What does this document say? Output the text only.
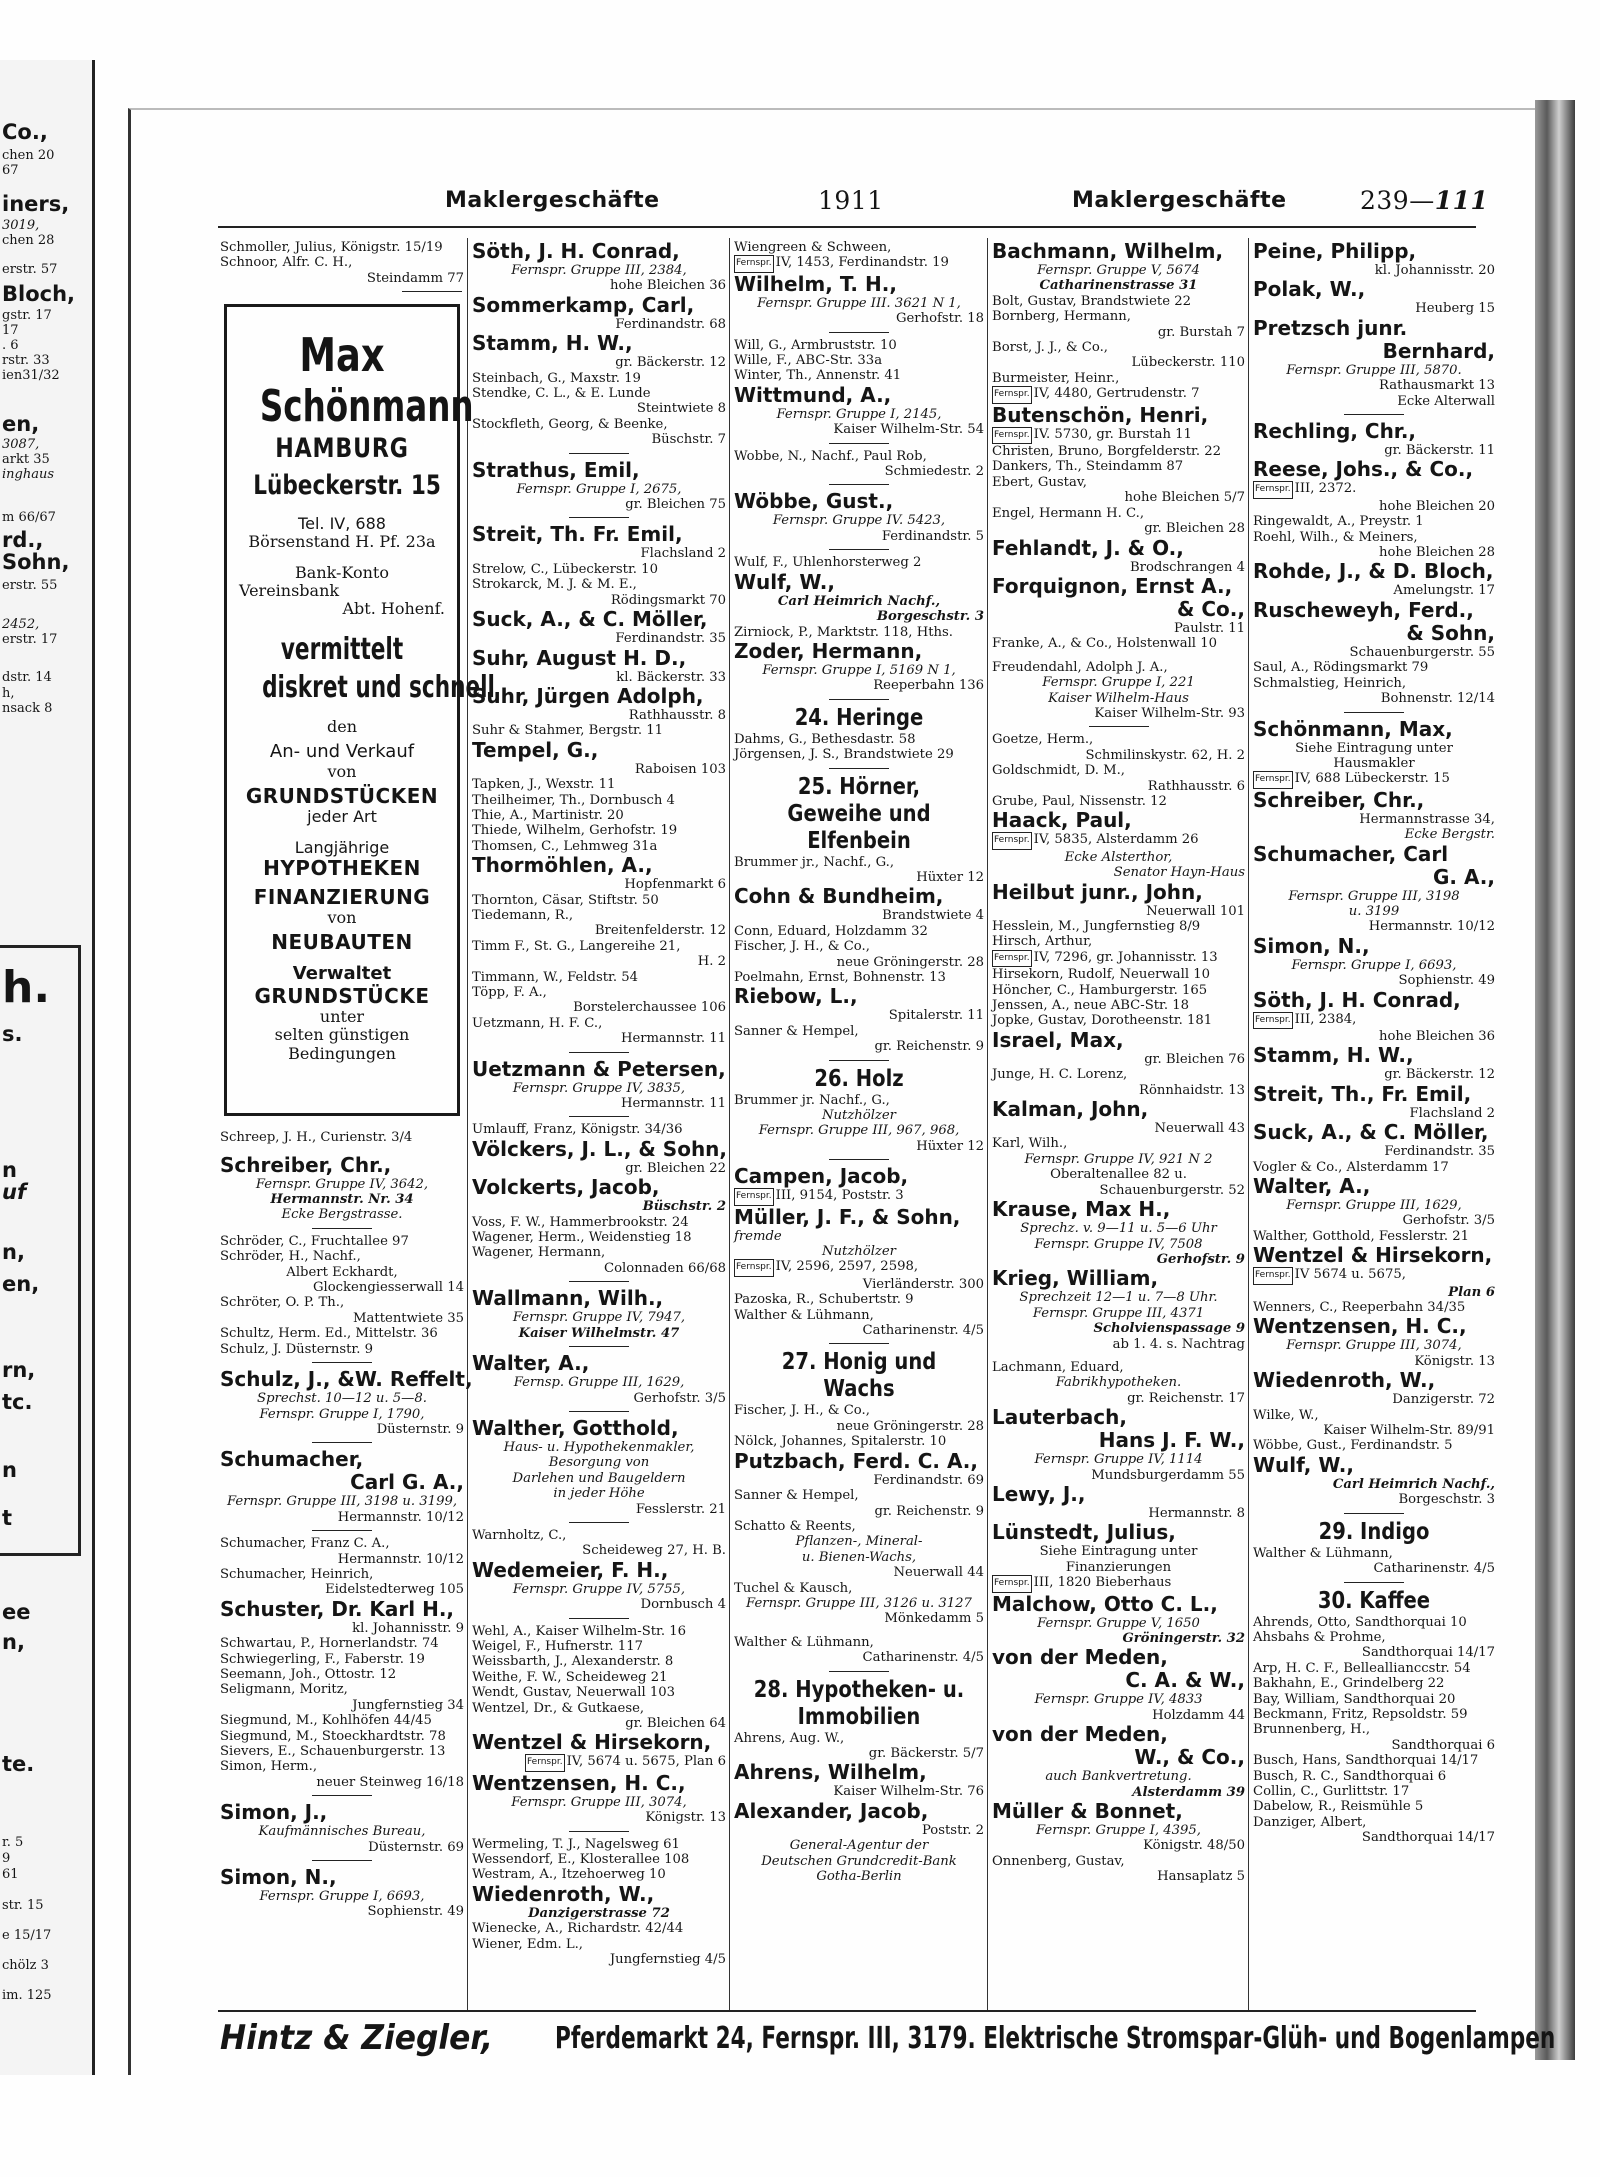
Co.,
chen 20
67
iners,
3019,
chen 28
erstr. 57
Bloch,
gstr. 17
17
. 6
rstr. 33
ien31/32
en,
3087,
arkt 35
inghaus
m 66/67
rd.,
Sohn,
erstr. 55
2452,
erstr. 17
dstr. 14
h,
nsack 8
h.
s.
n
uf
n,
en,
rn,
tc.
n
t
ee
n,
te.
r. 5
9
61
str. 15
e 15/17
chölz 3
im. 125
Maklergeschäfte	1911	Maklergeschäfte	239—111
Schmoller, Julius, Königstr. 15/19
Schnoor, Alfr. C. H.,
Steindamm 77
Max
Schönmann
HAMBURG
Lübeckerstr. 15
Tel. IV, 688
Börsenstand H. Pf. 23a
Bank-Konto
Vereinsbank
Abt. Hohenf.
vermittelt
diskret und schnell
den
An- und Verkauf
von
GRUNDSTÜCKEN
jeder Art
Langjährige
HYPOTHEKEN
FINANZIERUNG
von
NEUBAUTEN
Verwaltet
GRUNDSTÜCKE
unter
selten günstigen
Bedingungen
Schreep, J. H., Curienstr. 3/4
Schreiber, Chr.,
Fernspr. Gruppe IV, 3642,
Hermannstr. Nr. 34
Ecke Bergstrasse.
Schröder, C., Fruchtallee 97
Schröder, H., Nachf.,
Albert Eckhardt,
Glockengiesserwall 14
Schröter, O. P. Th.,
Mattentwiete 35
Schultz, Herm. Ed., Mittelstr. 36
Schulz, J. Düsternstr. 9
Schulz, J., &W. Reffelt,
Sprechst. 10—12 u. 5—8.
Fernspr. Gruppe I, 1790,
Düsternstr. 9
Schumacher,
Carl G. A.,
Fernspr. Gruppe III, 3198 u. 3199,
Hermannstr. 10/12
Schumacher, Franz C. A.,
Hermannstr. 10/12
Schumacher, Heinrich,
Eidelstedterweg 105
Schuster, Dr. Karl H.,
kl. Johannisstr. 9
Schwartau, P., Hornerlandstr. 74
Schwiegerling, F., Faberstr. 19
Seemann, Joh., Ottostr. 12
Seligmann, Moritz,
Jungfernstieg 34
Siegmund, M., Kohlhöfen 44/45
Siegmund, M., Stoeckhardtstr. 78
Sievers, E., Schauenburgerstr. 13
Simon, Herm.,
neuer Steinweg 16/18
Simon, J.,
Kaufmännisches Bureau,
Düsternstr. 69
Simon, N.,
Fernspr. Gruppe I, 6693,
Sophienstr. 49
Söth, J. H. Conrad,
Fernspr. Gruppe III, 2384,
hohe Bleichen 36
Sommerkamp, Carl,
Ferdinandstr. 68
Stamm, H. W.,
gr. Bäckerstr. 12
Steinbach, G., Maxstr. 19
Stendke, C. L., & E. Lunde
Steintwiete 8
Stockfleth, Georg, & Beenke,
Büschstr. 7
Strathus, Emil,
Fernspr. Gruppe I, 2675,
gr. Bleichen 75
Streit, Th. Fr. Emil,
Flachsland 2
Strelow, C., Lübeckerstr. 10
Strokarck, M. J. & M. E.,
Rödingsmarkt 70
Suck, A., & C. Möller,
Ferdinandstr. 35
Suhr, August H. D.,
kl. Bäckerstr. 33
Suhr, Jürgen Adolph,
Rathhausstr. 8
Suhr & Stahmer, Bergstr. 11
Tempel, G.,
Raboisen 103
Tapken, J., Wexstr. 11
Theilheimer, Th., Dornbusch 4
Thie, A., Martinistr. 20
Thiede, Wilhelm, Gerhofstr. 19
Thomsen, C., Lehmweg 31a
Thormöhlen, A.,
Hopfenmarkt 6
Thornton, Cäsar, Stiftstr. 50
Tiedemann, R.,
Breitenfelderstr. 12
Timm F., St. G., Langereihe 21,
H. 2
Timmann, W., Feldstr. 54
Töpp, F. A.,
Borstelerchaussee 106
Uetzmann, H. F. C.,
Hermannstr. 11
Uetzmann & Petersen,
Fernspr. Gruppe IV, 3835,
Hermannstr. 11
Umlauff, Franz, Königstr. 34/36
Völckers, J. L., & Sohn,
gr. Bleichen 22
Volckerts, Jacob,
Büschstr. 2
Voss, F. W., Hammerbrookstr. 24
Wagener, Herm., Weidenstieg 18
Wagener, Hermann,
Colonnaden 66/68
Wallmann, Wilh.,
Fernspr. Gruppe IV, 7947,
Kaiser Wilhelmstr. 47
Walter, A.,
Fernsp. Gruppe III, 1629,
Gerhofstr. 3/5
Walther, Gotthold,
Haus- u. Hypothekenmakler,
Besorgung von
Darlehen und Baugeldern
in jeder Höhe
Fesslerstr. 21
Warnholtz, C.,
Scheideweg 27, H. B.
Wedemeier, F. H.,
Fernspr. Gruppe IV, 5755,
Dornbusch 4
Wehl, A., Kaiser Wilhelm-Str. 16
Weigel, F., Hufnerstr. 117
Weissbarth, J., Alexanderstr. 8
Weithe, F. W., Scheideweg 21
Wendt, Gustav, Neuerwall 103
Wentzel, Dr., & Gutkaese,
gr. Bleichen 64
Wentzel & Hirsekorn,
Fernspr. IV, 5674 u. 5675, Plan 6
Wentzensen, H. C.,
Fernspr. Gruppe III, 3074,
Königstr. 13
Wermeling, T. J., Nagelsweg 61
Wessendorf, E., Klosterallee 108
Westram, A., Itzehoerweg 10
Wiedenroth, W.,
Danzigerstrasse 72
Wienecke, A., Richardstr. 42/44
Wiener, Edm. L.,
Jungfernstieg 4/5
Wiengreen & Schween,
Fernspr. IV, 1453, Ferdinandstr. 19
Wilhelm, T. H.,
Fernspr. Gruppe III. 3621 N 1,
Gerhofstr. 18
Will, G., Armbruststr. 10
Wille, F., ABC-Str. 33a
Winter, Th., Annenstr. 41
Wittmund, A.,
Fernspr. Gruppe I, 2145,
Kaiser Wilhelm-Str. 54
Wobbe, N., Nachf., Paul Rob,
Schmiedestr. 2
Wöbbe, Gust.,
Fernspr. Gruppe IV. 5423,
Ferdinandstr. 5
Wulf, F., Uhlenhorsterweg 2
Wulf, W.,
Carl Heimrich Nachf.,
Borgeschstr. 3
Zirniock, P., Marktstr. 118, Hths.
Zoder, Hermann,
Fernspr. Gruppe I, 5169 N 1,
Reeperbahn 136
24. Heringe
Dahms, G., Bethesdastr. 58
Jörgensen, J. S., Brandstwiete 29
25. Hörner, Geweihe und Elfenbein
Brummer jr., Nachf., G.,
Hüxter 12
Cohn & Bundheim,
Brandstwiete 4
Conn, Eduard, Holzdamm 32
Fischer, J. H., & Co.,
neue Gröningerstr. 28
Poelmahn, Ernst, Bohnenstr. 13
Riebow, L.,
Spitalerstr. 11
Sanner & Hempel,
gr. Reichenstr. 9
26. Holz
Brummer jr. Nachf., G.,
Nutzhölzer
Fernspr. Gruppe III, 967, 968,
Hüxter 12
Campen, Jacob,
Fernspr. III, 9154, Poststr. 3
Müller, J. F., & Sohn,
fremde
Nutzhölzer
Fernspr. IV, 2596, 2597, 2598,
Vierländerstr. 300
Pazoska, R., Schubertstr. 9
Walther & Lühmann,
Catharinenstr. 4/5
27. Honig und Wachs
Fischer, J. H., & Co.,
neue Gröningerstr. 28
Nölck, Johannes, Spitalerstr. 10
Putzbach, Ferd. C. A.,
Ferdinandstr. 69
Sanner & Hempel,
gr. Reichenstr. 9
Schatto & Reents,
Pflanzen-, Mineral-
u. Bienen-Wachs,
Neuerwall 44
Tuchel & Kausch,
Fernspr. Gruppe III, 3126 u. 3127
Mönkedamm 5
Walther & Lühmann,
Catharinenstr. 4/5
28. Hypotheken- u. Immobilien
Ahrens, Aug. W.,
gr. Bäckerstr. 5/7
Ahrens, Wilhelm,
Kaiser Wilhelm-Str. 76
Alexander, Jacob,
Poststr. 2
General-Agentur der
Deutschen Grundcredit-Bank
Gotha-Berlin
Bachmann, Wilhelm,
Fernspr. Gruppe V, 5674
Catharinenstrasse 31
Bolt, Gustav, Brandstwiete 22
Bornberg, Hermann,
gr. Burstah 7
Borst, J. J., & Co.,
Lübeckerstr. 110
Burmeister, Heinr.,
Fernspr. IV, 4480, Gertrudenstr. 7
Butenschön, Henri,
Fernspr. IV. 5730, gr. Burstah 11
Christen, Bruno, Borgfelderstr. 22
Dankers, Th., Steindamm 87
Ebert, Gustav,
hohe Bleichen 5/7
Engel, Hermann H. C.,
gr. Bleichen 28
Fehlandt, J. & O.,
Brodschrangen 4
Forquignon, Ernst A.,
& Co.,
Paulstr. 11
Franke, A., & Co., Holstenwall 10
Freudendahl, Adolph J. A.,
Fernspr. Gruppe I, 221
Kaiser Wilhelm-Haus
Kaiser Wilhelm-Str. 93
Goetze, Herm.,
Schmilinskystr. 62, H. 2
Goldschmidt, D. M.,
Rathhausstr. 6
Grube, Paul, Nissenstr. 12
Haack, Paul,
Fernspr. IV, 5835, Alsterdamm 26
Ecke Alsterthor,
Senator Hayn-Haus
Heilbut junr., John,
Neuerwall 101
Hesslein, M., Jungfernstieg 8/9
Hirsch, Arthur,
Fernspr. IV, 7296, gr. Johannisstr. 13
Hirsekorn, Rudolf, Neuerwall 10
Höncher, C., Hamburgerstr. 165
Jenssen, A., neue ABC-Str. 18
Jopke, Gustav, Dorotheenstr. 181
Israel, Max,
gr. Bleichen 76
Junge, H. C. Lorenz,
Rönnhaidstr. 13
Kalman, John,
Neuerwall 43
Karl, Wilh.,
Fernspr. Gruppe IV, 921 N 2
Oberaltenallee 82 u.
Schauenburgerstr. 52
Krause, Max H.,
Sprechz. v. 9—11 u. 5—6 Uhr
Fernspr. Gruppe IV, 7508
Gerhofstr. 9
Krieg, William,
Sprechzeit 12—1 u. 7—8 Uhr.
Fernspr. Gruppe III, 4371
Scholvienspassage 9
ab 1. 4. s. Nachtrag
Lachmann, Eduard,
Fabrikhypotheken.
gr. Reichenstr. 17
Lauterbach,
Hans J. F. W.,
Fernspr. Gruppe IV, 1114
Mundsburgerdamm 55
Lewy, J.,
Hermannstr. 8
Lünstedt, Julius,
Siehe Eintragung unter
Finanzierungen
Fernspr. III, 1820 Bieberhaus
Malchow, Otto C. L.,
Fernspr. Gruppe V, 1650
Gröningerstr. 32
von der Meden,
C. A. & W.,
Fernspr. Gruppe IV, 4833
Holzdamm 44
von der Meden,
W., & Co.,
auch Bankvertretung.
Alsterdamm 39
Müller & Bonnet,
Fernspr. Gruppe I, 4395,
Königstr. 48/50
Onnenberg, Gustav,
Hansaplatz 5
Peine, Philipp,
kl. Johannisstr. 20
Polak, W.,
Heuberg 15
Pretzsch junr.
Bernhard,
Fernspr. Gruppe III, 5870.
Rathausmarkt 13
Ecke Alterwall
Rechling, Chr.,
gr. Bäckerstr. 11
Reese, Johs., & Co.,
Fernspr. III, 2372.
hohe Bleichen 20
Ringewaldt, A., Preystr. 1
Roehl, Wilh., & Meiners,
hohe Bleichen 28
Rohde, J., & D. Bloch,
Amelungstr. 17
Ruscheweyh, Ferd.,
& Sohn,
Schauenburgerstr. 55
Saul, A., Rödingsmarkt 79
Schmalstieg, Heinrich,
Bohnenstr. 12/14
Schönmann, Max,
Siehe Eintragung unter
Hausmakler
Fernspr. IV, 688 Lübeckerstr. 15
Schreiber, Chr.,
Hermannstrasse 34,
Ecke Bergstr.
Schumacher, Carl
G. A.,
Fernspr. Gruppe III, 3198
u. 3199
Hermannstr. 10/12
Simon, N.,
Fernspr. Gruppe I, 6693,
Sophienstr. 49
Söth, J. H. Conrad,
Fernspr. III, 2384,
hohe Bleichen 36
Stamm, H. W.,
gr. Bäckerstr. 12
Streit, Th., Fr. Emil,
Flachsland 2
Suck, A., & C. Möller,
Ferdinandstr. 35
Vogler & Co., Alsterdamm 17
Walter, A.,
Fernspr. Gruppe III, 1629,
Gerhofstr. 3/5
Walther, Gotthold, Fesslerstr. 21
Wentzel & Hirsekorn,
Fernspr. IV 5674 u. 5675,
Plan 6
Wenners, C., Reeperbahn 34/35
Wentzensen, H. C.,
Fernspr. Gruppe III, 3074,
Königstr. 13
Wiedenroth, W.,
Danzigerstr. 72
Wilke, W.,
Kaiser Wilhelm-Str. 89/91
Wöbbe, Gust., Ferdinandstr. 5
Wulf, W.,
Carl Heimrich Nachf.,
Borgeschstr. 3
29. Indigo
Walther & Lühmann,
Catharinenstr. 4/5
30. Kaffee
Ahrends, Otto, Sandthorquai 10
Ahsbahs & Prohme,
Sandthorquai 14/17
Arp, H. C. F., Belleallianccstr. 54
Bakhahn, E., Grindelberg 22
Bay, William, Sandthorquai 20
Beckmann, Fritz, Repsoldstr. 59
Brunnenberg, H.,
Sandthorquai 6
Busch, Hans, Sandthorquai 14/17
Busch, R. C., Sandthorquai 6
Collin, C., Gurlittstr. 17
Dabelow, R., Reismühle 5
Danziger, Albert,
Sandthorquai 14/17
Hintz & Ziegler, Pferdemarkt 24, Fernspr. III, 3179. Elektrische Stromspar-Glüh- und Bogenlampen
